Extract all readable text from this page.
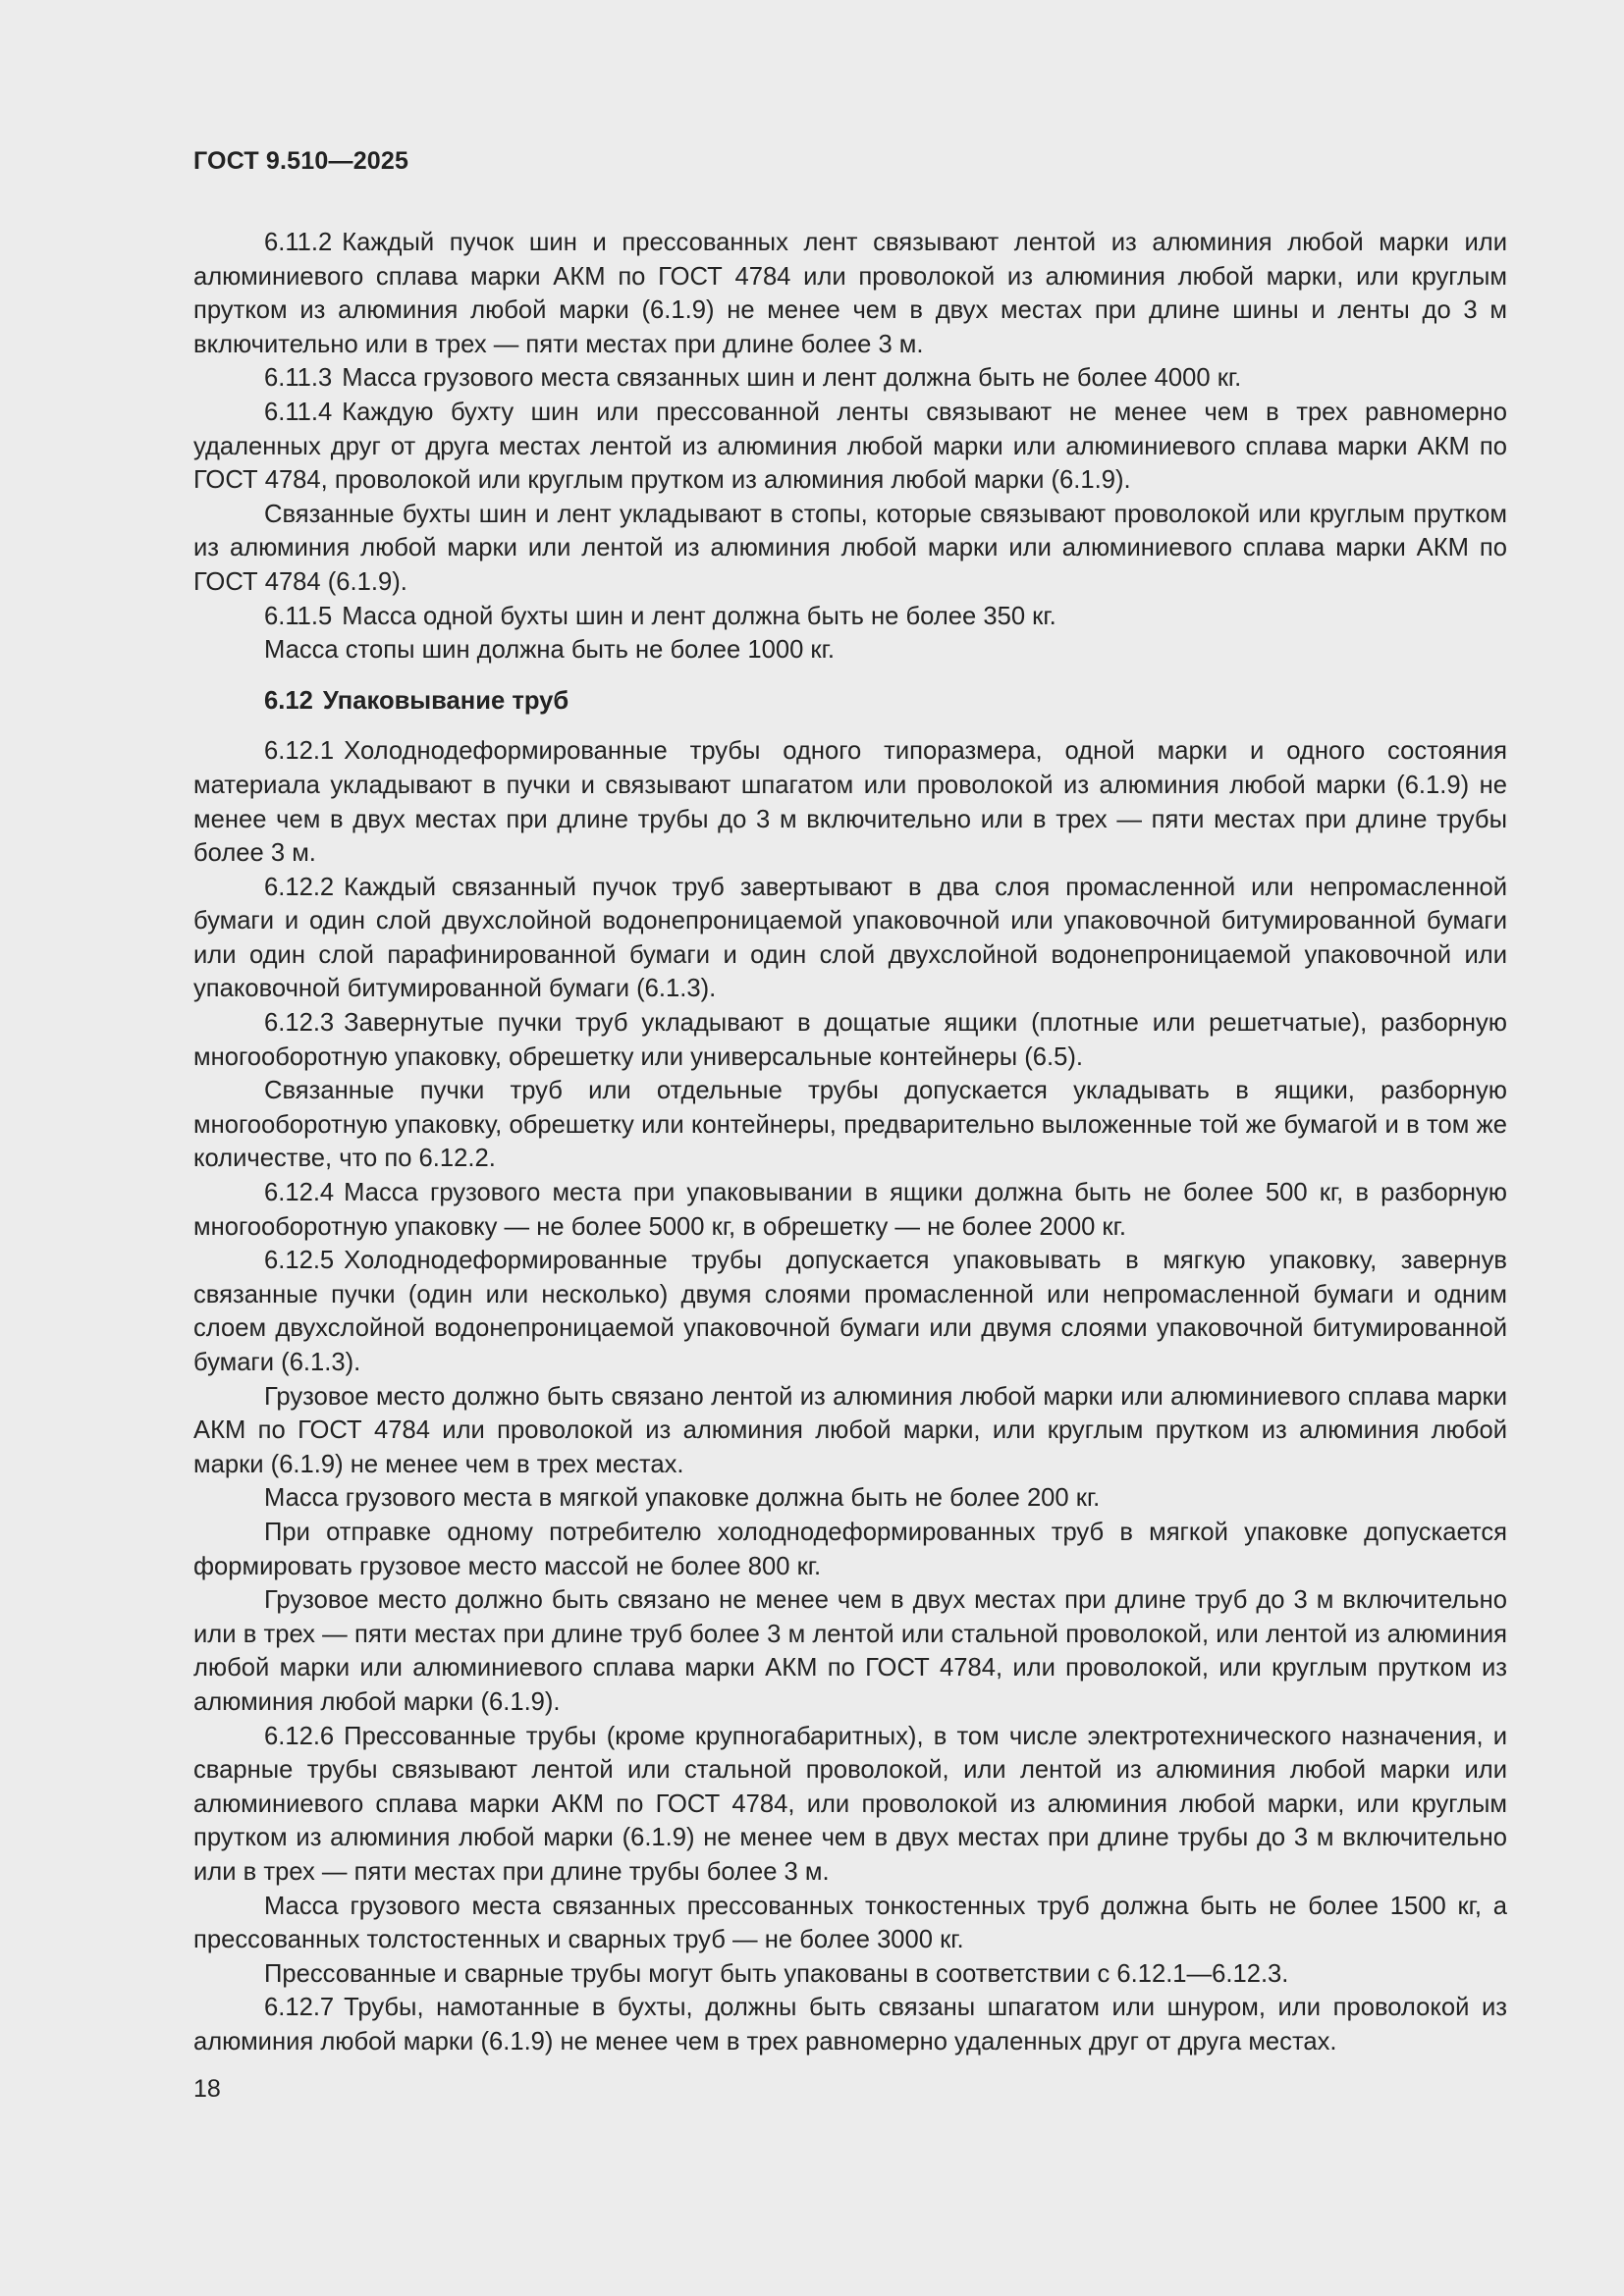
ГОСТ 9.510—2025

6.11.2 Каждый пучок шин и прессованных лент связывают лентой из алюминия любой марки или алюминиевого сплава марки АКМ по ГОСТ 4784 или проволокой из алюминия любой марки, или круглым прутком из алюминия любой марки (6.1.9) не менее чем в двух местах при длине шины и ленты до 3 м включительно или в трех — пяти местах при длине более 3 м.

6.11.3 Масса грузового места связанных шин и лент должна быть не более 4000 кг.

6.11.4 Каждую бухту шин или прессованной ленты связывают не менее чем в трех равномерно удаленных друг от друга местах лентой из алюминия любой марки или алюминиевого сплава марки АКМ по ГОСТ 4784, проволокой или круглым прутком из алюминия любой марки (6.1.9).

Связанные бухты шин и лент укладывают в стопы, которые связывают проволокой или круглым прутком из алюминия любой марки или лентой из алюминия любой марки или алюминиевого сплава марки АКМ по ГОСТ 4784 (6.1.9).

6.11.5 Масса одной бухты шин и лент должна быть не более 350 кг.

Масса стопы шин должна быть не более 1000 кг.

6.12 Упаковывание труб

6.12.1 Холоднодеформированные трубы одного типоразмера, одной марки и одного состояния материала укладывают в пучки и связывают шпагатом или проволокой из алюминия любой марки (6.1.9) не менее чем в двух местах при длине трубы до 3 м включительно или в трех — пяти местах при длине трубы более 3 м.

6.12.2 Каждый связанный пучок труб завертывают в два слоя промасленной или непромасленной бумаги и один слой двухслойной водонепроницаемой упаковочной или упаковочной битумированной бумаги или один слой парафинированной бумаги и один слой двухслойной водонепроницаемой упаковочной или упаковочной битумированной бумаги (6.1.3).

6.12.3 Завернутые пучки труб укладывают в дощатые ящики (плотные или решетчатые), разборную многооборотную упаковку, обрешетку или универсальные контейнеры (6.5).

Связанные пучки труб или отдельные трубы допускается укладывать в ящики, разборную многооборотную упаковку, обрешетку или контейнеры, предварительно выложенные той же бумагой и в том же количестве, что по 6.12.2.

6.12.4 Масса грузового места при упаковывании в ящики должна быть не более 500 кг, в разборную многооборотную упаковку — не более 5000 кг, в обрешетку — не более 2000 кг.

6.12.5 Холоднодеформированные трубы допускается упаковывать в мягкую упаковку, завернув связанные пучки (один или несколько) двумя слоями промасленной или непромасленной бумаги и одним слоем двухслойной водонепроницаемой упаковочной бумаги или двумя слоями упаковочной битумированной бумаги (6.1.3).

Грузовое место должно быть связано лентой из алюминия любой марки или алюминиевого сплава марки АКМ по ГОСТ 4784 или проволокой из алюминия любой марки, или круглым прутком из алюминия любой марки (6.1.9) не менее чем в трех местах.

Масса грузового места в мягкой упаковке должна быть не более 200 кг.

При отправке одному потребителю холоднодеформированных труб в мягкой упаковке допускается формировать грузовое место массой не более 800 кг.

Грузовое место должно быть связано не менее чем в двух местах при длине труб до 3 м включительно или в трех — пяти местах при длине труб более 3 м лентой или стальной проволокой, или лентой из алюминия любой марки или алюминиевого сплава марки АКМ по ГОСТ 4784, или проволокой, или круглым прутком из алюминия любой марки (6.1.9).

6.12.6 Прессованные трубы (кроме крупногабаритных), в том числе электротехнического назначения, и сварные трубы связывают лентой или стальной проволокой, или лентой из алюминия любой марки или алюминиевого сплава марки АКМ по ГОСТ 4784, или проволокой из алюминия любой марки, или круглым прутком из алюминия любой марки (6.1.9) не менее чем в двух местах при длине трубы до 3 м включительно или в трех — пяти местах при длине трубы более 3 м.

Масса грузового места связанных прессованных тонкостенных труб должна быть не более 1500 кг, а прессованных толстостенных и сварных труб — не более 3000 кг.

Прессованные и сварные трубы могут быть упакованы в соответствии с 6.12.1—6.12.3.

6.12.7 Трубы, намотанные в бухты, должны быть связаны шпагатом или шнуром, или проволокой из алюминия любой марки (6.1.9) не менее чем в трех равномерно удаленных друг от друга местах.

18
